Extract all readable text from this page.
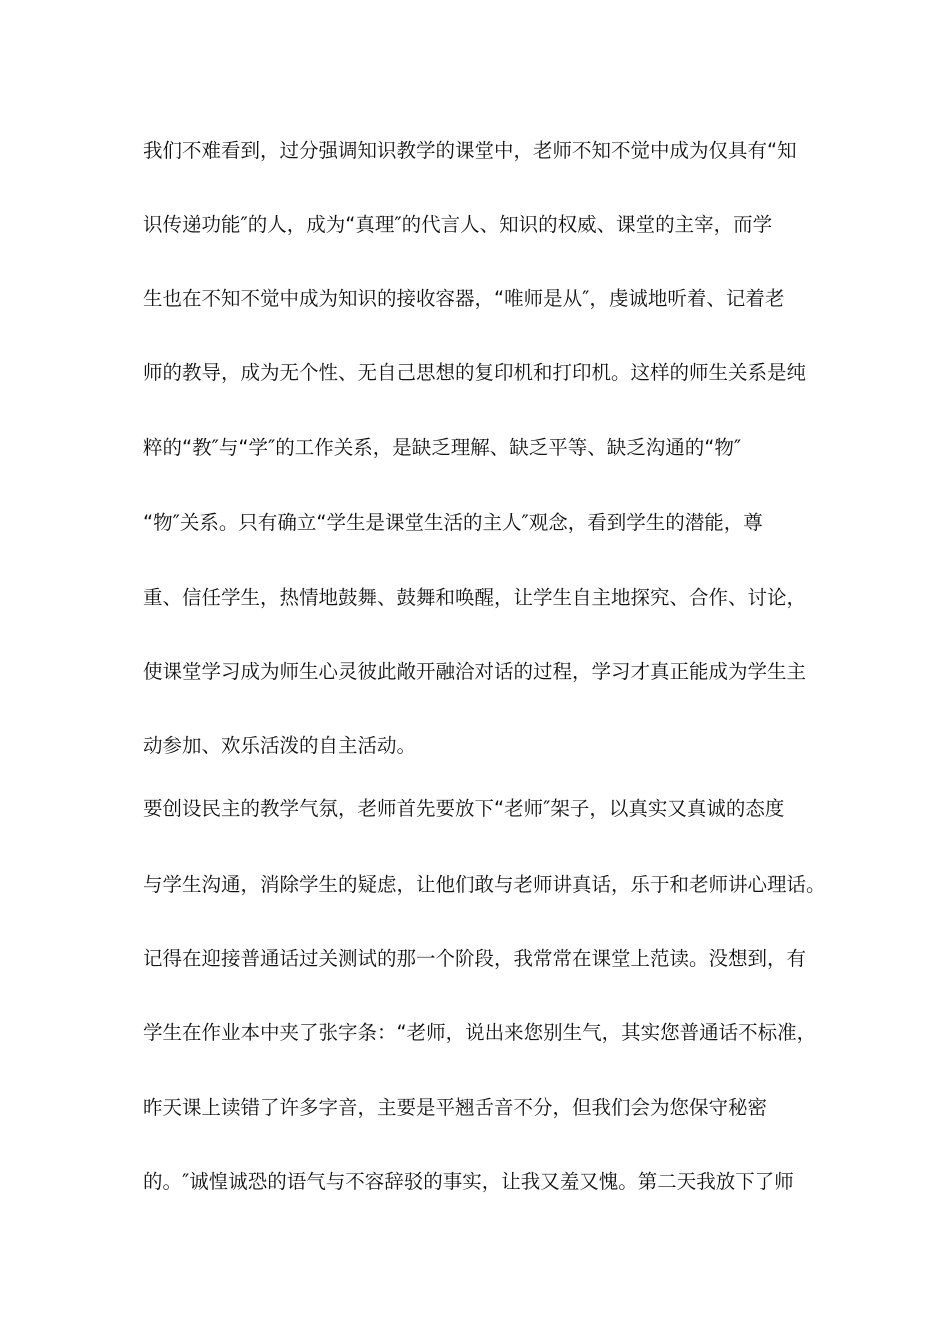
我们不难看到，过分强调知识教学的课堂中，老师不知不觉中成为仅具有“知
识传递功能″的人，成为“真理″的代言人、知识的权威、课堂的主宰，而学
生也在不知不觉中成为知识的接收容器，“唯师是从″，虔诚地听着、记着老
师的教导，成为无个性、无自己思想的复印机和打印机。这样的师生关系是纯
粹的“教″与“学″的工作关系，是缺乏理解、缺乏平等、缺乏沟通的“物″
“物″关系。只有确立“学生是课堂生活的主人″观念，看到学生的潜能，尊
重、信任学生，热情地鼓舞、鼓舞和唤醒，让学生自主地探究、合作、讨论，
使课堂学习成为师生心灵彼此敞开融洽对话的过程，学习才真正能成为学生主
动参加、欢乐活泼的自主活动。
要创设民主的教学气氛，老师首先要放下“老师″架子，以真实又真诚的态度
与学生沟通，消除学生的疑虑，让他们敢与老师讲真话，乐于和老师讲心理话。
记得在迎接普通话过关测试的那一个阶段，我常常在课堂上范读。没想到，有
学生在作业本中夹了张字条：“老师，说出来您别生气，其实您普通话不标准，
昨天课上读错了许多字音，主要是平翘舌音不分，但我们会为您保守秘密
的。″诚惶诚恐的语气与不容辞驳的事实，让我又羞又愧。第二天我放下了师
